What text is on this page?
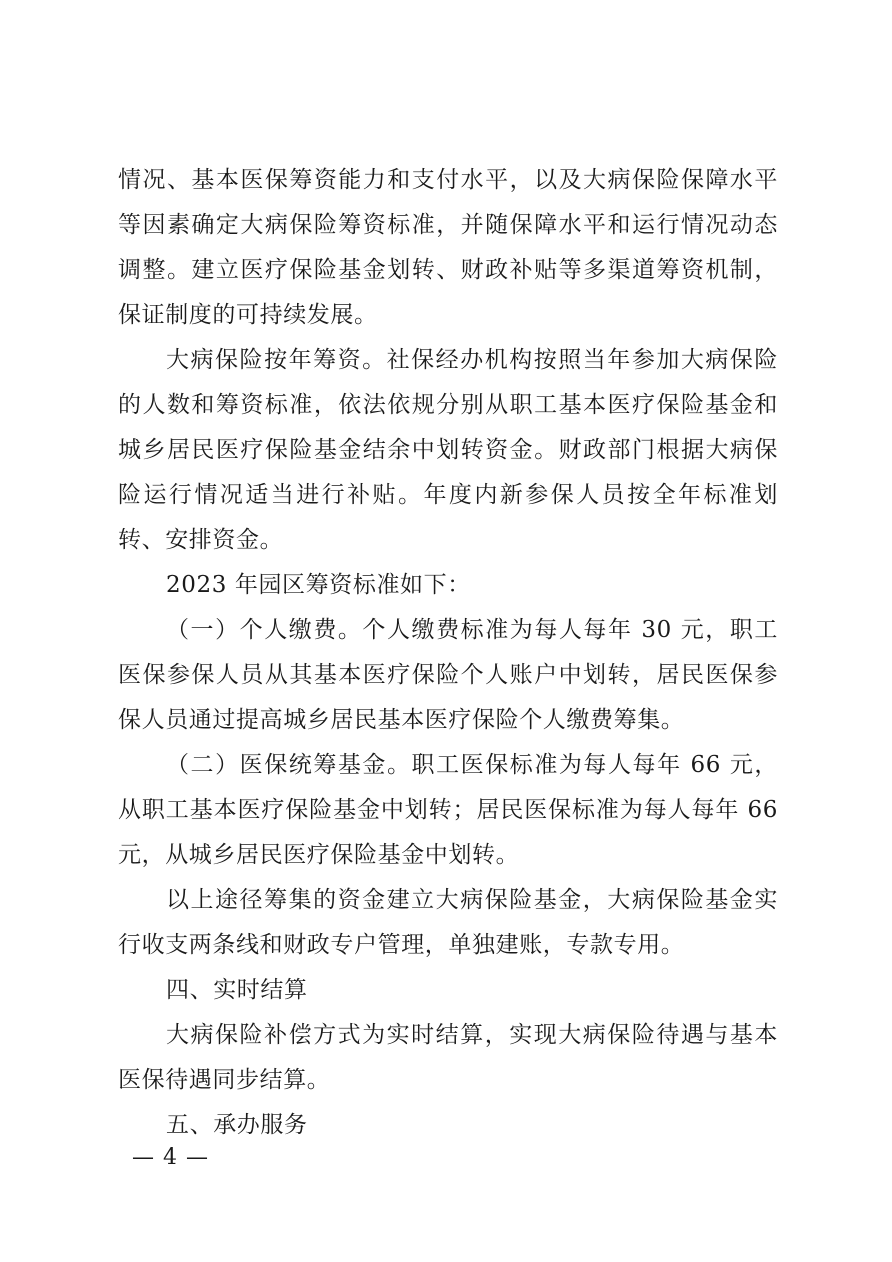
情况、基本医保筹资能力和支付水平，以及大病保险保障水平等因素确定大病保险筹资标准，并随保障水平和运行情况动态调整。建立医疗保险基金划转、财政补贴等多渠道筹资机制，保证制度的可持续发展。

大病保险按年筹资。社保经办机构按照当年参加大病保险的人数和筹资标准，依法依规分别从职工基本医疗保险基金和城乡居民医疗保险基金结余中划转资金。财政部门根据大病保险运行情况适当进行补贴。年度内新参保人员按全年标准划转、安排资金。

2023 年园区筹资标准如下：

（一）个人缴费。个人缴费标准为每人每年 30 元，职工医保参保人员从其基本医疗保险个人账户中划转，居民医保参保人员通过提高城乡居民基本医疗保险个人缴费筹集。

（二）医保统筹基金。职工医保标准为每人每年 66 元，从职工基本医疗保险基金中划转；居民医保标准为每人每年 66 元，从城乡居民医疗保险基金中划转。

以上途径筹集的资金建立大病保险基金，大病保险基金实行收支两条线和财政专户管理，单独建账，专款专用。

四、实时结算

大病保险补偿方式为实时结算，实现大病保险待遇与基本医保待遇同步结算。

五、承办服务

— 4 —
